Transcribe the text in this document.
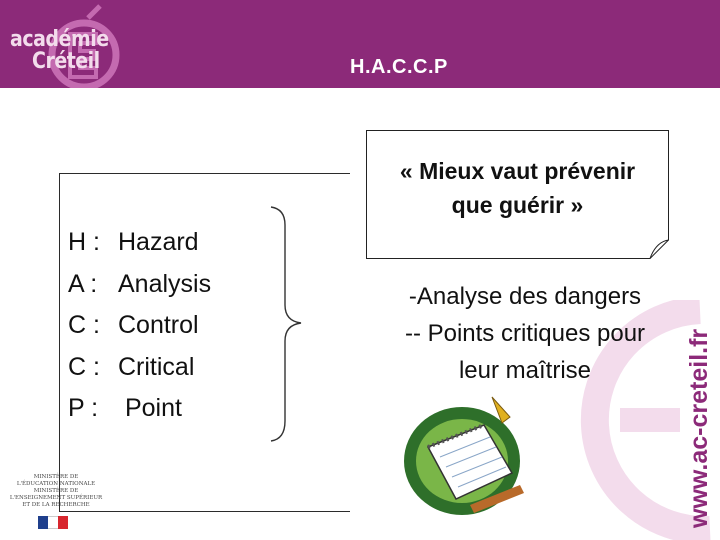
académie
Créteil	H.A.C.C.P
H : Hazard
A : Analysis
C : Control
C : Critical
P : Point
« Mieux vaut prévenir
que guérir »
-Analyse des dangers
-- Points critiques pour
leur maîtrise	www.ac-creteil.fr
MINISTÈRE DE
L'ÉDUCATION NATIONALE
MINISTÈRE DE
L'ENSEIGNEMENT SUPÉRIEUR
ET DE LA RECHERCHE
